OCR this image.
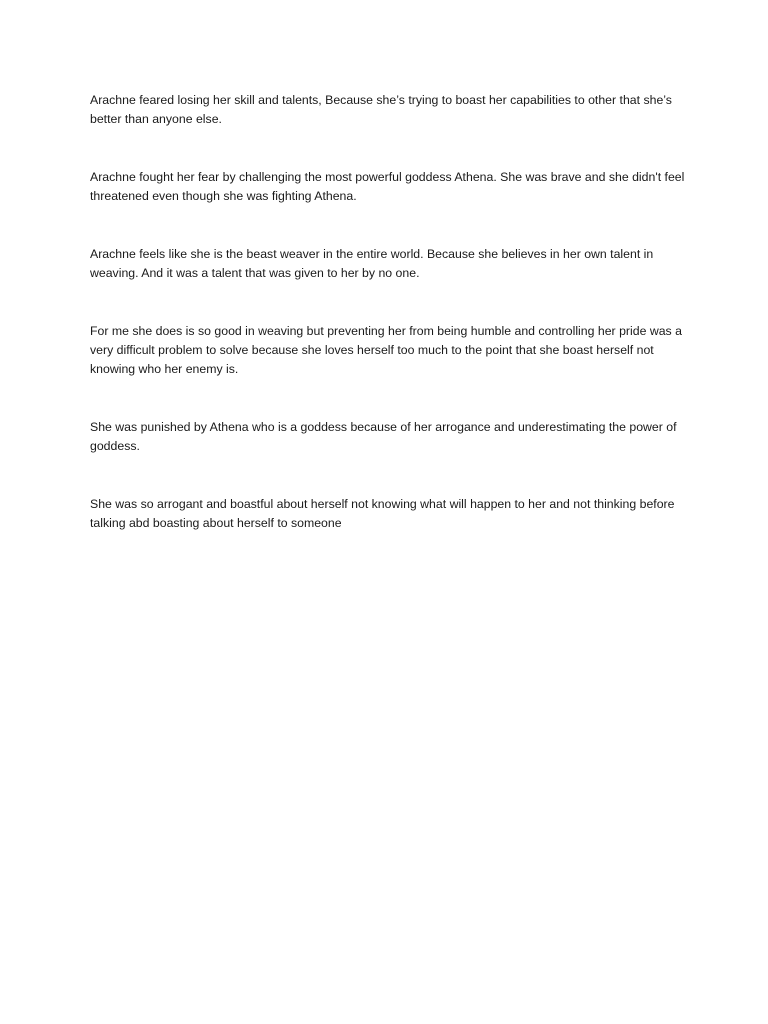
Arachne feared losing her skill and talents, Because she’s trying to boast her capabilities to other that she’s better than anyone else.

Arachne fought her fear by challenging the most powerful goddess Athena. She was brave and she didn't feel threatened even though she was fighting Athena.

Arachne feels like she is the beast weaver in the entire world. Because she believes in her own talent in weaving. And it was a talent that was given to her by no one.

For me she does is so good in weaving but preventing her from being humble and controlling her pride was a very difficult problem to solve because she loves herself too much to the point that she boast herself not knowing who her enemy is.

She was punished by Athena who is a goddess because of her arrogance and underestimating the power of goddess.

She was so arrogant and boastful about herself not knowing what will happen to her and not thinking before talking abd boasting about herself to someone
